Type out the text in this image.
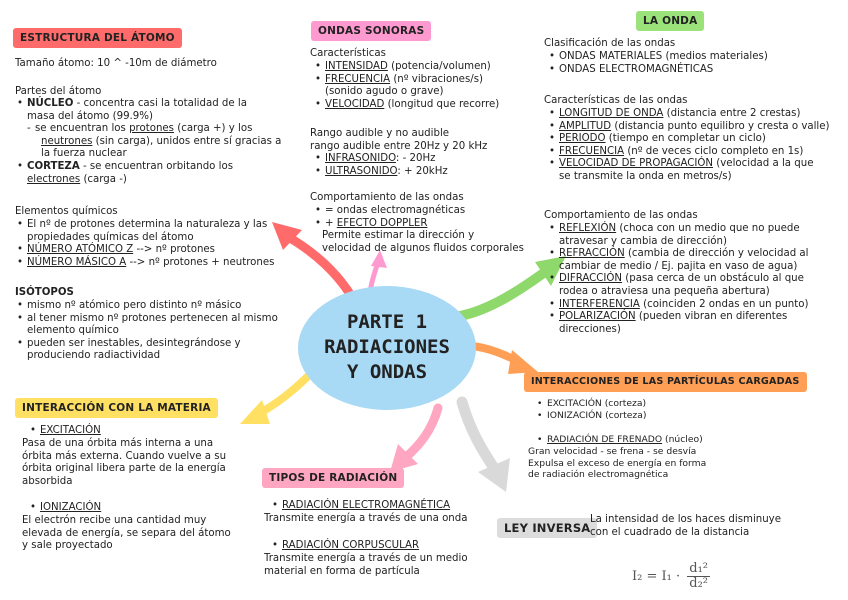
PARTE 1
RADIACIONES
Y ONDAS
ESTRUCTURA DEL ÁTOMO
Tamaño átomo: 10 ^ -10m de diámetro
Partes del átomo
• NÚCLEO - concentra casi la totalidad de la
masa del átomo (99.9%)
- se encuentran los protones (carga +) y los
neutrones (sin carga), unidos entre sí gracias a
la fuerza nuclear
• CORTEZA - se encuentran orbitando los
electrones (carga -)
Elementos químicos
• El nº de protones determina la naturaleza y las
propiedades químicas del átomo
• NÚMERO ATÓMICO Z --> nº protones
• NÚMERO MÁSICO A --> nº protones + neutrones
ISÓTOPOS
• mismo nº atómico pero distinto nº másico
• al tener mismo nº protones pertenecen al mismo
elemento químico
• pueden ser inestables, desintegrándose y
produciendo radiactividad
INTERACCIÓN CON LA MATERIA
• EXCITACIÓN
Pasa de una órbita más interna a una
órbita más externa. Cuando vuelve a su
órbita original libera parte de la energía
absorbida
• IONIZACIÓN
El electrón recibe una cantidad muy
elevada de energía, se separa del átomo
y sale proyectado
ONDAS SONORAS
Características
• INTENSIDAD (potencia/volumen)
• FRECUENCIA (nº vibraciones/s)
(sonido agudo o grave)
• VELOCIDAD (longitud que recorre)
Rango audible y no audible
rango audible entre 20Hz y 20 kHz
• INFRASONIDO: - 20Hz
• ULTRASONIDO: + 20kHz
Comportamiento de las ondas
• = ondas electromagnéticas
• + EFECTO DOPPLER
Permite estimar la dirección y
velocidad de algunos fluidos corporales
LA ONDA
Clasificación de las ondas
• ONDAS MATERIALES (medios materiales)
• ONDAS ELECTROMAGNÉTICAS
Características de las ondas
• LONGITUD DE ONDA (distancia entre 2 crestas)
• AMPLITUD (distancia punto equilibro y cresta o valle)
• PERIODO (tiempo en completar un ciclo)
• FRECUENCIA (nº de veces ciclo completo en 1s)
• VELOCIDAD DE PROPAGACIÓN (velocidad a la que
se transmite la onda en metros/s)
Comportamiento de las ondas
• REFLEXIÓN (choca con un medio que no puede
atravesar y cambia de dirección)
• REFRACCIÓN (cambia de dirección y velocidad al
cambiar de medio / Ej. pajita en vaso de agua)
• DIFRACCIÓN (pasa cerca de un obstáculo al que
rodea o atraviesa una pequeña abertura)
• INTERFERENCIA (coinciden 2 ondas en un punto)
• POLARIZACIÓN (pueden vibran en diferentes
direcciones)
INTERACCIONES DE LAS PARTÍCULAS CARGADAS
• EXCITACIÓN (corteza)
• IONIZACIÓN (corteza)
• RADIACIÓN DE FRENADO (núcleo)
Gran velocidad - se frena - se desvía
Expulsa el exceso de energía en forma
de radiación electromagnética
TIPOS DE RADIACIÓN
• RADIACIÓN ELECTROMAGNÉTICA
Transmite energía a través de una onda
• RADIACIÓN CORPUSCULAR
Transmite energía a través de un medio
material en forma de partícula
LEY INVERSA
La intensidad de los haces disminuye
con el cuadrado de la distancia
$I_2 = I_1 \cdot \frac{\text{d₁²}}{\text{d₂²}}$
